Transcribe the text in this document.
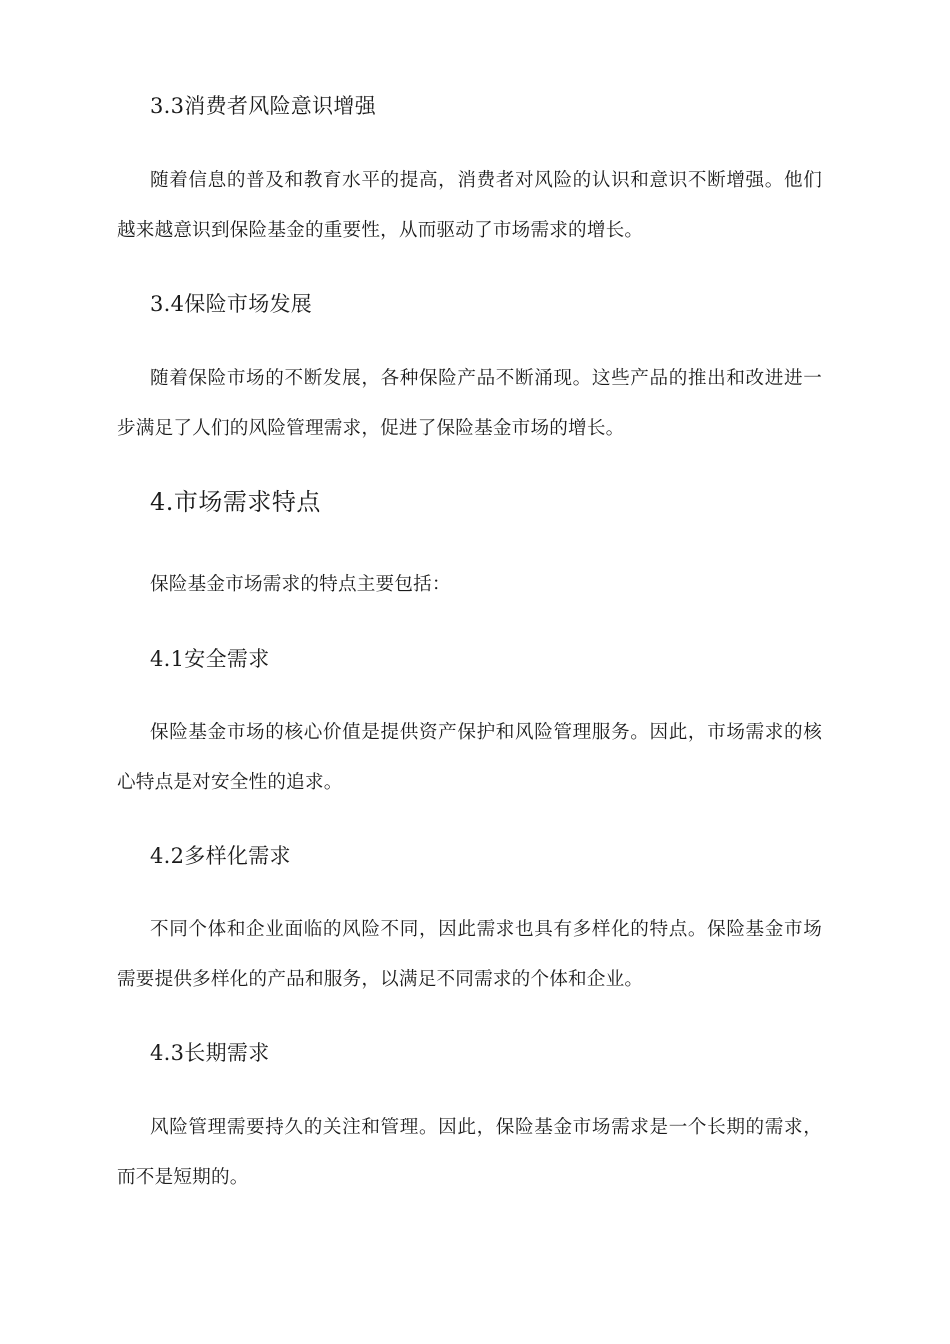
3.3消费者风险意识增强
随着信息的普及和教育水平的提高，消费者对风险的认识和意识不断增强。他们越来越意识到保险基金的重要性，从而驱动了市场需求的增长。
3.4保险市场发展
随着保险市场的不断发展，各种保险产品不断涌现。这些产品的推出和改进进一步满足了人们的风险管理需求，促进了保险基金市场的增长。
4.市场需求特点
保险基金市场需求的特点主要包括：
4.1安全需求
保险基金市场的核心价值是提供资产保护和风险管理服务。因此，市场需求的核心特点是对安全性的追求。
4.2多样化需求
不同个体和企业面临的风险不同，因此需求也具有多样化的特点。保险基金市场需要提供多样化的产品和服务，以满足不同需求的个体和企业。
4.3长期需求
风险管理需要持久的关注和管理。因此，保险基金市场需求是一个长期的需求，而不是短期的。
